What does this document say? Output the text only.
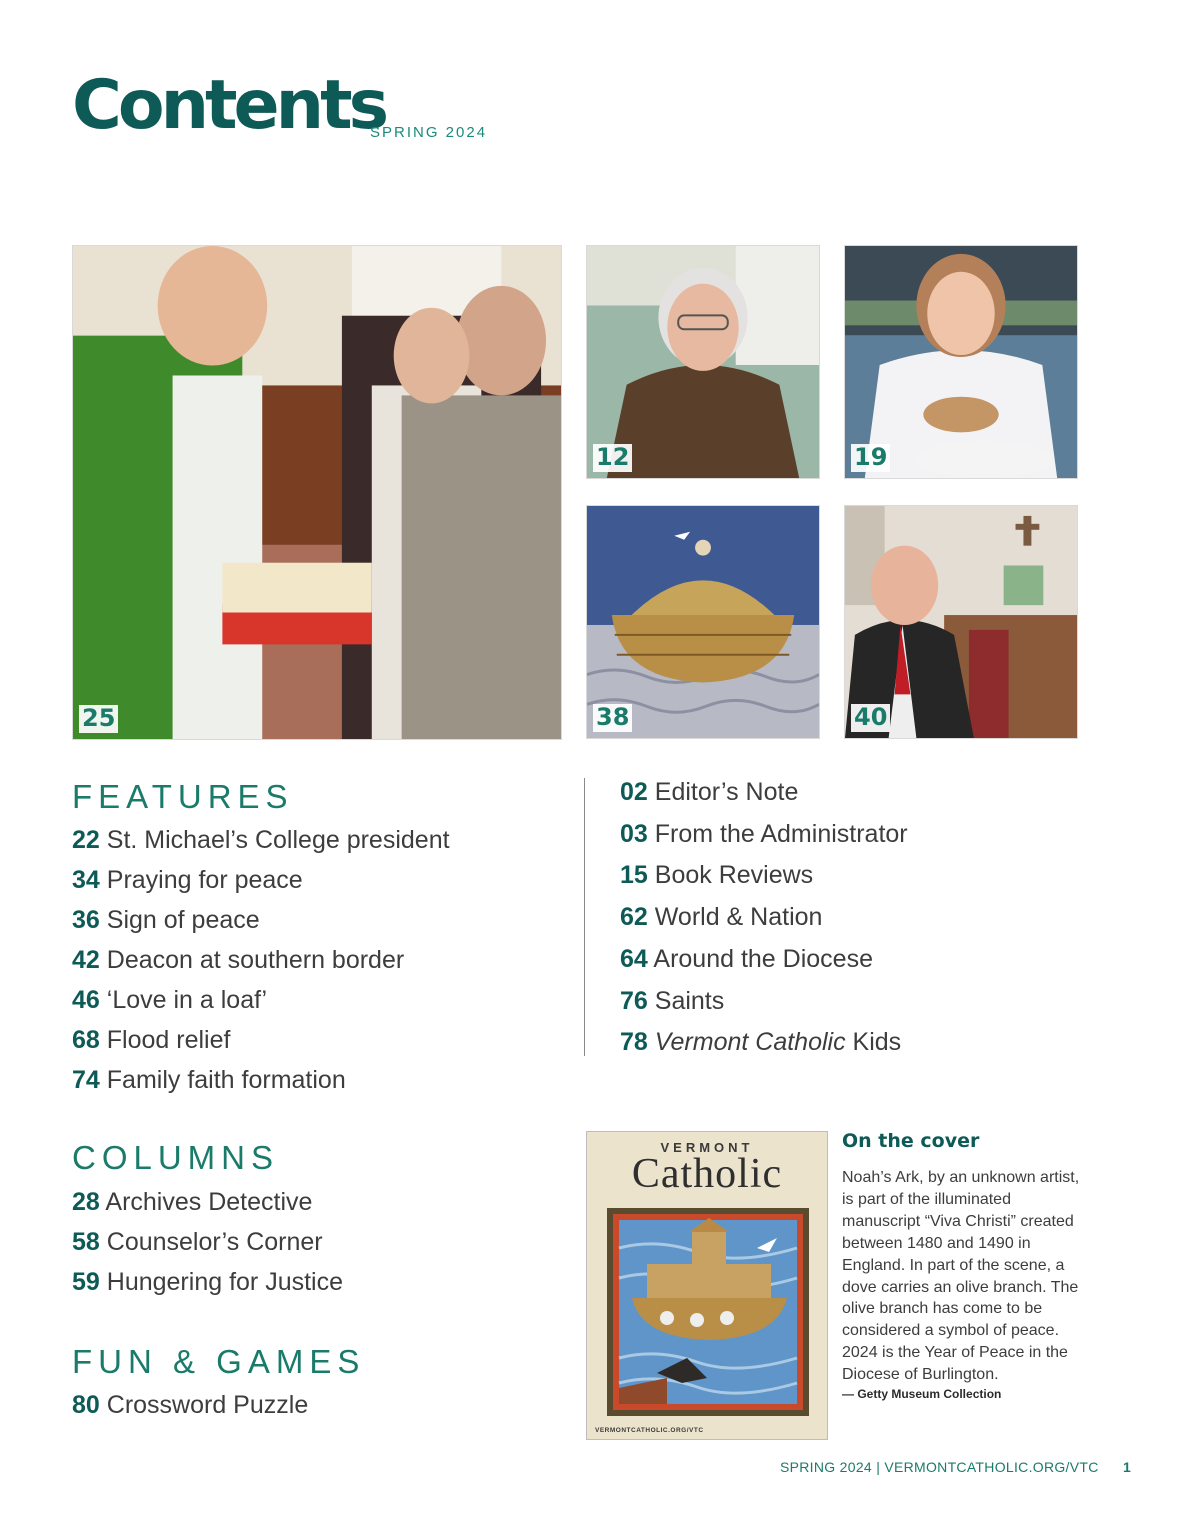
Contents
SPRING 2024
25
12	19
38	40
FEATURES
22 St. Michael’s College president
34 Praying for peace
36 Sign of peace
42 Deacon at southern border
46 ‘Love in a loaf’
68 Flood relief
74 Family faith formation
COLUMNS
28 Archives Detective
58 Counselor’s Corner
59 Hungering for Justice
FUN & GAMES
80 Crossword Puzzle
02 Editor’s Note
03 From the Administrator
15 Book Reviews
62 World & Nation
64 Around the Diocese
76 Saints
78 Vermont Catholic Kids
VERMONT
Catholic
VERMONTCATHOLIC.ORG/VTC
On the cover
Noah’s Ark, by an unknown artist, is part of the illuminated manuscript “Viva Christi” created between 1480 and 1490 in England. In part of the scene, a dove carries an olive branch. The olive branch has come to be considered a symbol of peace. 2024 is the Year of Peace in the Diocese of Burlington.
— Getty Museum Collection
SPRING 2024 | VERMONTCATHOLIC.ORG/VTC 1
